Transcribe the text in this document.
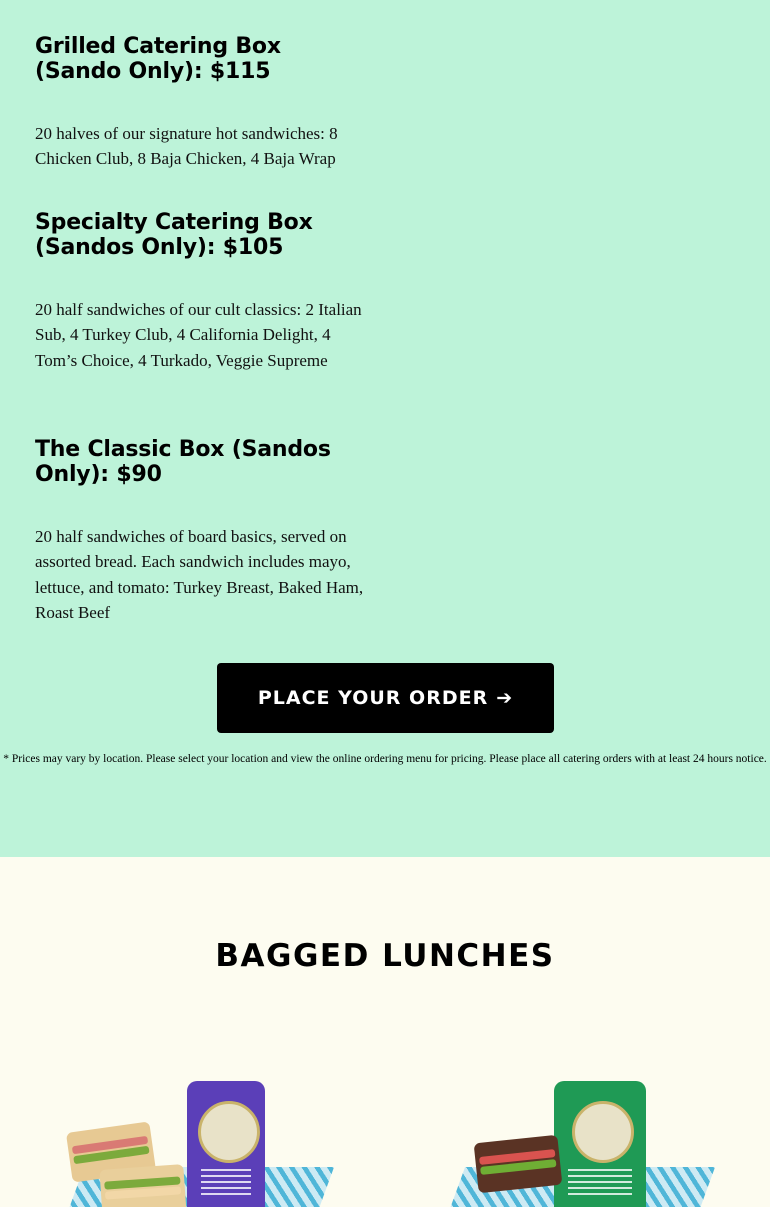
Grilled Catering Box (Sando Only): $115

20 halves of our signature hot sandwiches: 8 Chicken Club, 8 Baja Chicken, 4 Baja Wrap

Specialty Catering Box (Sandos Only): $105

20 half sandwiches of our cult classics: 2 Italian Sub, 4 Turkey Club, 4 California Delight, 4 Tom’s Choice, 4 Turkado, Veggie Supreme

The Classic Box (Sandos Only): $90

20 half sandwiches of board basics, served on assorted bread. Each sandwich includes mayo, lettuce, and tomato: Turkey Breast, Baked Ham, Roast Beef

PLACE YOUR ORDER ➔
* Prices may vary by location. Please select your location and view the online ordering menu for pricing. Please place all catering orders with at least 24 hours notice.
BAGGED LUNCHES
